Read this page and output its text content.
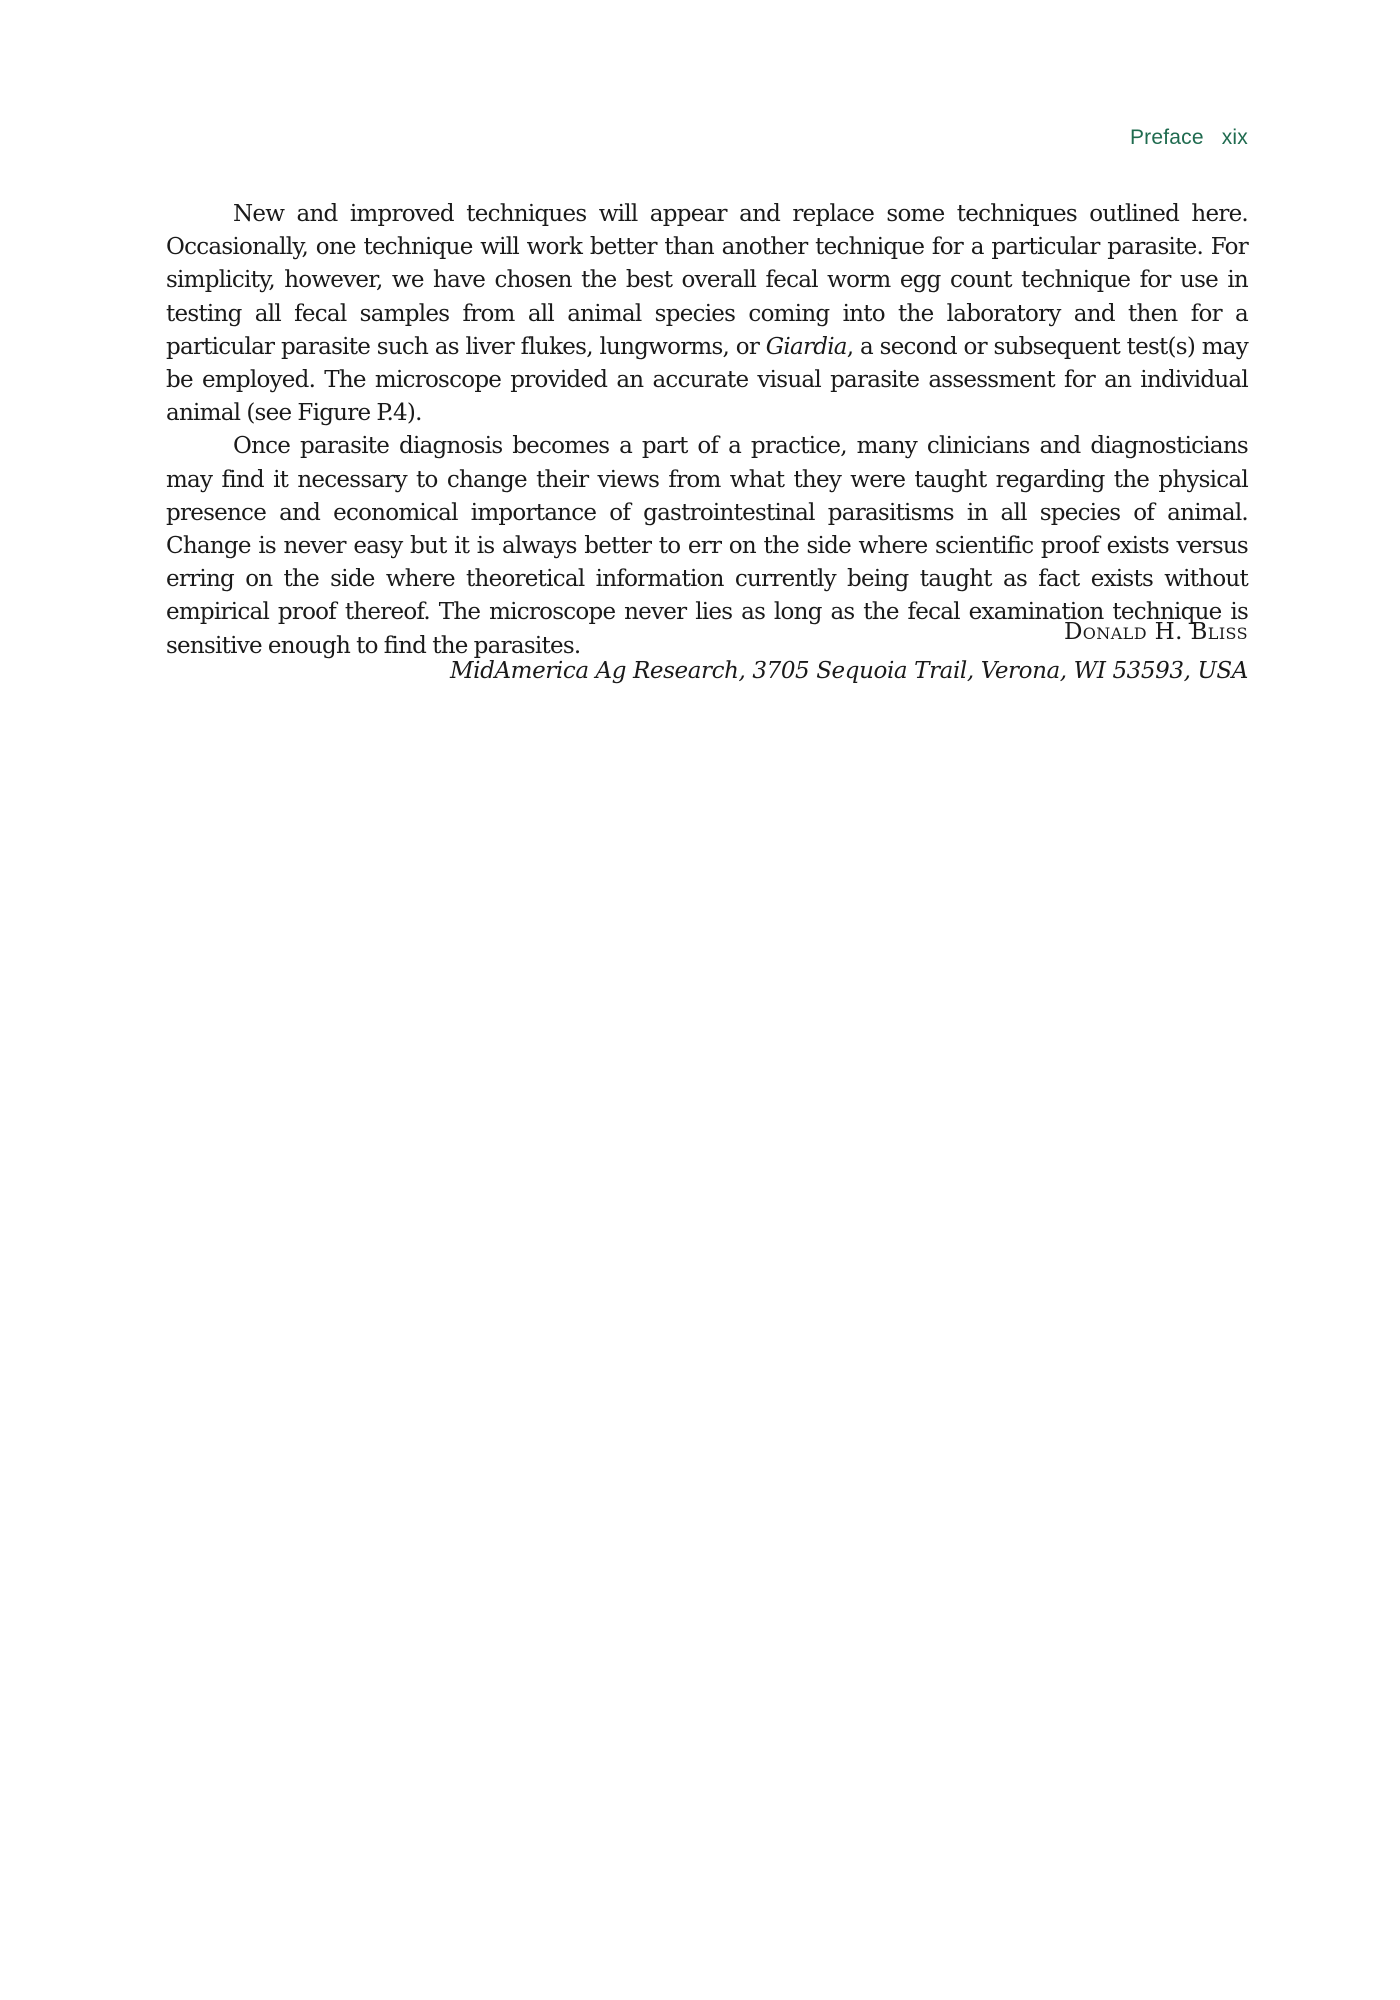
Preface xix

New and improved techniques will appear and replace some techniques outlined here. Occasionally, one technique will work better than another technique for a particular parasite. For simplicity, however, we have chosen the best overall fecal worm egg count technique for use in testing all fecal samples from all animal species coming into the laboratory and then for a particular parasite such as liver flukes, lungworms, or Giardia, a second or subsequent test(s) may be employed. The microscope provided an accurate visual parasite assessment for an individual animal (see Figure P.4).

Once parasite diagnosis becomes a part of a practice, many clinicians and diagnosticians may find it necessary to change their views from what they were taught regarding the physical presence and economical importance of gastrointestinal parasitisms in all species of animal. Change is never easy but it is always better to err on the side where scientific proof exists versus erring on the side where theoretical information currently being taught as fact exists without empirical proof thereof. The microscope never lies as long as the fecal examination technique is sensitive enough to find the parasites.

Donald H. Bliss
MidAmerica Ag Research, 3705 Sequoia Trail, Verona, WI 53593, USA
